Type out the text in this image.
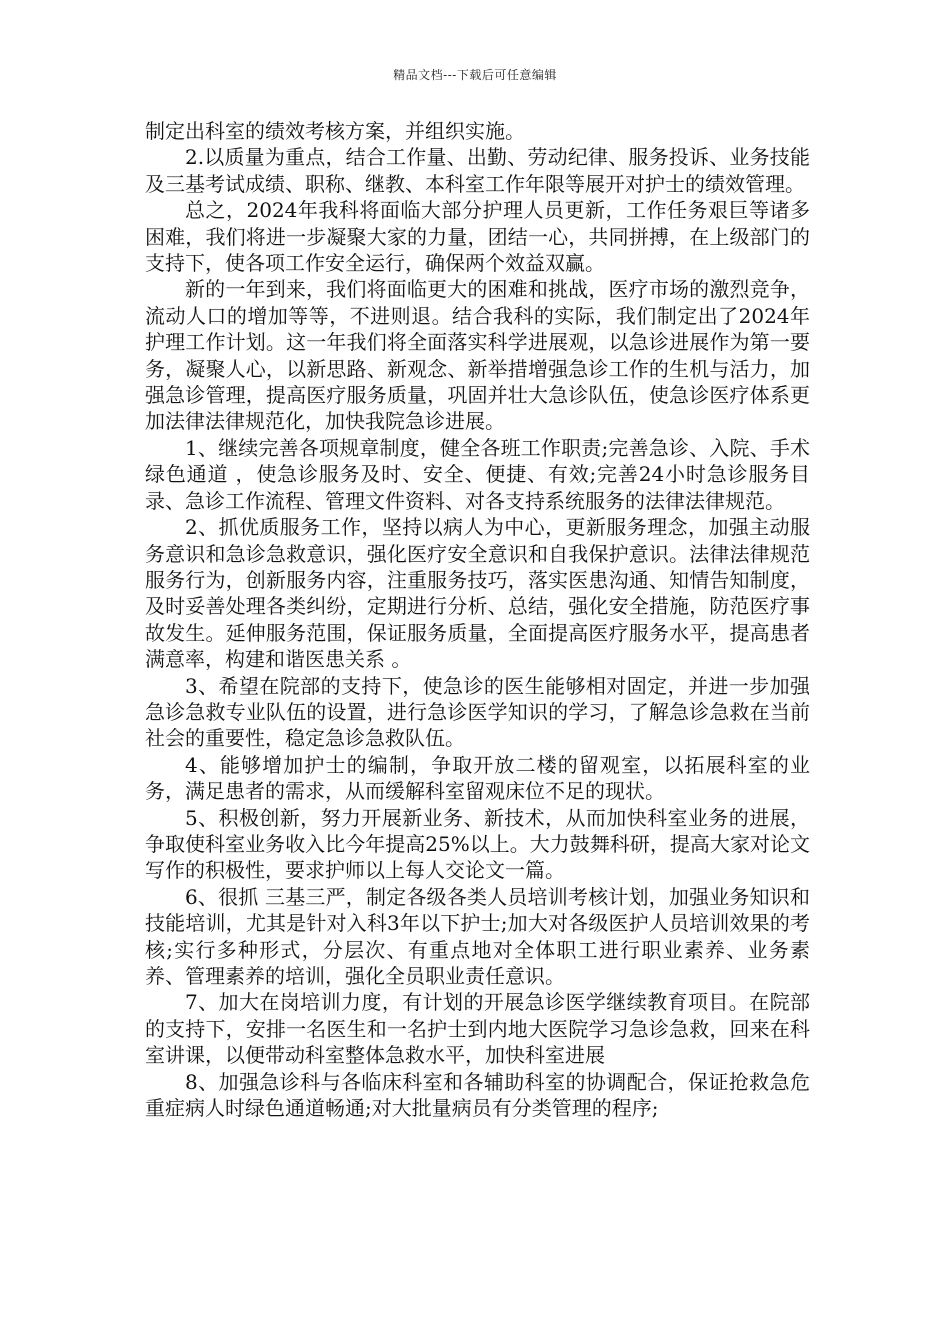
精品文档---下载后可任意编辑

制定出科室的绩效考核方案，并组织实施。

2.以质量为重点，结合工作量、出勤、劳动纪律、服务投诉、业务技能及三基考试成绩、职称、继教、本科室工作年限等展开对护士的绩效管理。

总之，2024年我科将面临大部分护理人员更新，工作任务艰巨等诸多困难，我们将进一步凝聚大家的力量，团结一心，共同拼搏，在上级部门的支持下，使各项工作安全运行，确保两个效益双赢。

新的一年到来，我们将面临更大的困难和挑战，医疗市场的激烈竞争，流动人口的增加等等，不进则退。结合我科的实际，我们制定出了2024年护理工作计划。这一年我们将全面落实科学进展观，以急诊进展作为第一要务，凝聚人心，以新思路、新观念、新举措增强急诊工作的生机与活力，加强急诊管理，提高医疗服务质量，巩固并壮大急诊队伍，使急诊医疗体系更加法律法律规范化，加快我院急诊进展。

1、继续完善各项规章制度，健全各班工作职责;完善急诊、入院、手术 绿色通道 ，使急诊服务及时、安全、便捷、有效;完善24小时急诊服务目录、急诊工作流程、管理文件资料、对各支持系统服务的法律法律规范。

2、抓优质服务工作，坚持以病人为中心，更新服务理念，加强主动服务意识和急诊急救意识，强化医疗安全意识和自我保护意识。法律法律规范服务行为，创新服务内容，注重服务技巧，落实医患沟通、知情告知制度，及时妥善处理各类纠纷，定期进行分析、总结，强化安全措施，防范医疗事故发生。延伸服务范围，保证服务质量，全面提高医疗服务水平，提高患者满意率，构建和谐医患关系 。

3、希望在院部的支持下，使急诊的医生能够相对固定，并进一步加强急诊急救专业队伍的设置，进行急诊医学知识的学习，了解急诊急救在当前社会的重要性，稳定急诊急救队伍。

4、能够增加护士的编制，争取开放二楼的留观室，以拓展科室的业务，满足患者的需求，从而缓解科室留观床位不足的现状。

5、积极创新，努力开展新业务、新技术，从而加快科室业务的进展，争取使科室业务收入比今年提高25%以上。大力鼓舞科研，提高大家对论文写作的积极性，要求护师以上每人交论文一篇。

6、很抓 三基三严，制定各级各类人员培训考核计划，加强业务知识和技能培训，尤其是针对入科3年以下护士;加大对各级医护人员培训效果的考核;实行多种形式，分层次、有重点地对全体职工进行职业素养、业务素养、管理素养的培训，强化全员职业责任意识。

7、加大在岗培训力度，有计划的开展急诊医学继续教育项目。在院部的支持下，安排一名医生和一名护士到内地大医院学习急诊急救，回来在科室讲课，以便带动科室整体急救水平，加快科室进展

8、加强急诊科与各临床科室和各辅助科室的协调配合，保证抢救急危重症病人时绿色通道畅通;对大批量病员有分类管理的程序;
